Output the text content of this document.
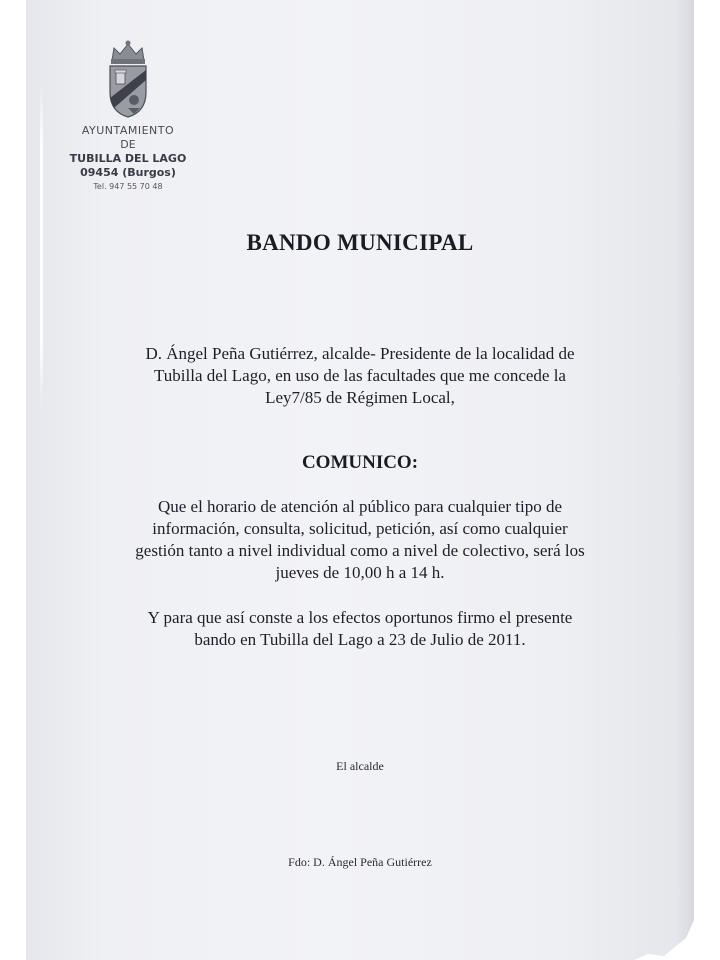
AYUNTAMIENTO
DE
TUBILLA DEL LAGO
09454 (Burgos)
Tel. 947 55 70 48
BANDO MUNICIPAL
D. Ángel Peña Gutiérrez, alcalde- Presidente de la localidad de
Tubilla del Lago, en uso de las facultades que me concede la
Ley7/85 de Régimen Local,
COMUNICO:
Que el horario de atención al público para cualquier tipo de
información, consulta, solicitud, petición, así como cualquier
gestión tanto a nivel individual como a nivel de colectivo, será los
jueves de 10,00 h a 14 h.
Y para que así conste a los efectos oportunos firmo el presente
bando en Tubilla del Lago a 23 de Julio de 2011.
El alcalde
Fdo: D. Ángel Peña Gutiérrez
